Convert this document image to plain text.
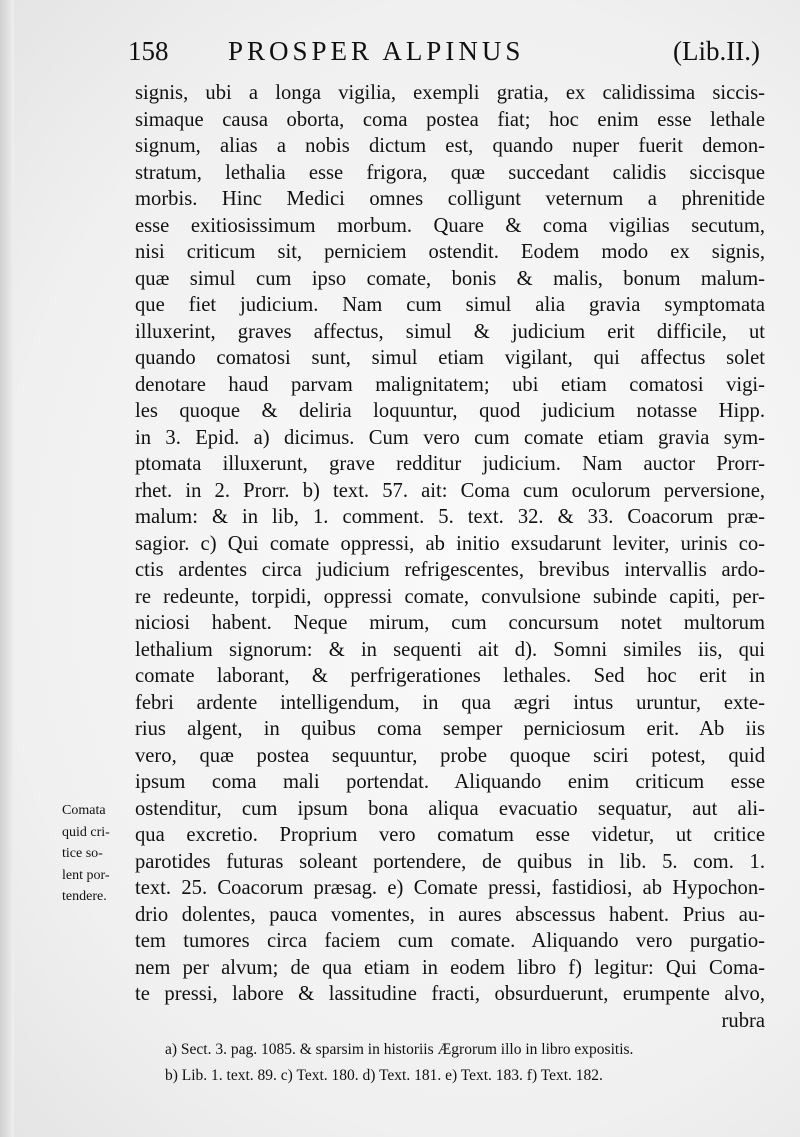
158 PROSPER ALPINUS	(Lib.II.)
signis, ubi a longa vigilia, exempli gratia, ex calidissima siccis-
simaque causa oborta, coma postea fiat; hoc enim esse lethale
signum, alias a nobis dictum est, quando nuper fuerit demon-
stratum, lethalia esse frigora, quæ succedant calidis siccisque
morbis. Hinc Medici omnes colligunt veternum a phrenitide
esse exitiosissimum morbum. Quare & coma vigilias secutum,
nisi criticum sit, perniciem ostendit. Eodem modo ex signis,
quæ simul cum ipso comate, bonis & malis, bonum malum-
que fiet judicium. Nam cum simul alia gravia symptomata
illuxerint, graves affectus, simul & judicium erit difficile, ut
quando comatosi sunt, simul etiam vigilant, qui affectus solet
denotare haud parvam malignitatem; ubi etiam comatosi vigi-
les quoque & deliria loquuntur, quod judicium notasse Hipp.
in 3. Epid. a) dicimus. Cum vero cum comate etiam gravia sym-
ptomata illuxerunt, grave redditur judicium. Nam auctor Prorr-
rhet. in 2. Prorr. b) text. 57. ait: Coma cum oculorum perversione,
malum: & in lib, 1. comment. 5. text. 32. & 33. Coacorum præ-
sagior. c) Qui comate oppressi, ab initio exsudarunt leviter, urinis co-
ctis ardentes circa judicium refrigescentes, brevibus intervallis ardo-
re redeunte, torpidi, oppressi comate, convulsione subinde capiti, per-
niciosi habent. Neque mirum, cum concursum notet multorum
lethalium signorum: & in sequenti ait d). Somni similes iis, qui
comate laborant, & perfrigerationes lethales. Sed hoc erit in
febri ardente intelligendum, in qua ægri intus uruntur, exte-
rius algent, in quibus coma semper perniciosum erit. Ab iis
vero, quæ postea sequuntur, probe quoque sciri potest, quid
ipsum coma mali portendat. Aliquando enim criticum esse
ostenditur, cum ipsum bona aliqua evacuatio sequatur, aut ali-
qua excretio. Proprium vero comatum esse videtur, ut critice
parotides futuras soleant portendere, de quibus in lib. 5. com. 1.
text. 25. Coacorum præsag. e) Comate pressi, fastidiosi, ab Hypochon-
drio dolentes, pauca vomentes, in aures abscessus habent. Prius au-
tem tumores circa faciem cum comate. Aliquando vero purgatio-
nem per alvum; de qua etiam in eodem libro f) legitur: Qui Coma-
te pressi, labore & lassitudine fracti, obsurduerunt, erumpente alvo,
rubra
Comata
quid cri-
tice so-
lent por-
tendere.
a) Sect. 3. pag. 1085. & sparsim in historiis Ægrorum illo in libro expositis.
b) Lib. 1. text. 89. c) Text. 180. d) Text. 181. e) Text. 183. f) Text. 182.
